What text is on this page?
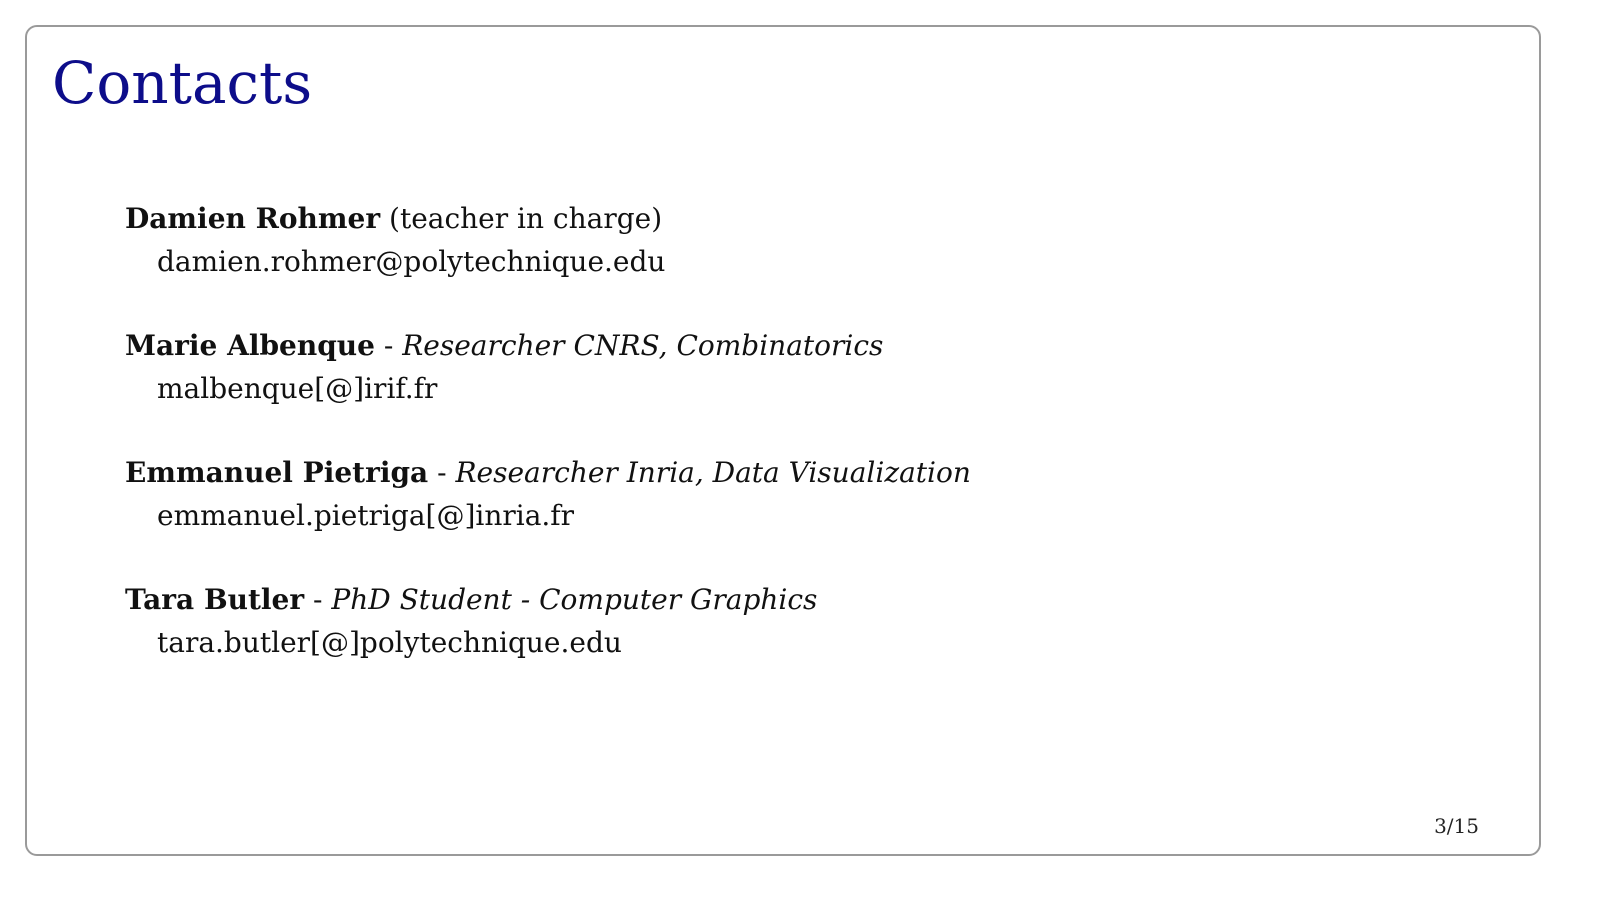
Contacts
Damien Rohmer (teacher in charge)
damien.rohmer@polytechnique.edu
Marie Albenque - Researcher CNRS, Combinatorics
malbenque[@]irif.fr
Emmanuel Pietriga - Researcher Inria, Data Visualization
emmanuel.pietriga[@]inria.fr
Tara Butler - PhD Student - Computer Graphics
tara.butler[@]polytechnique.edu
3/15
